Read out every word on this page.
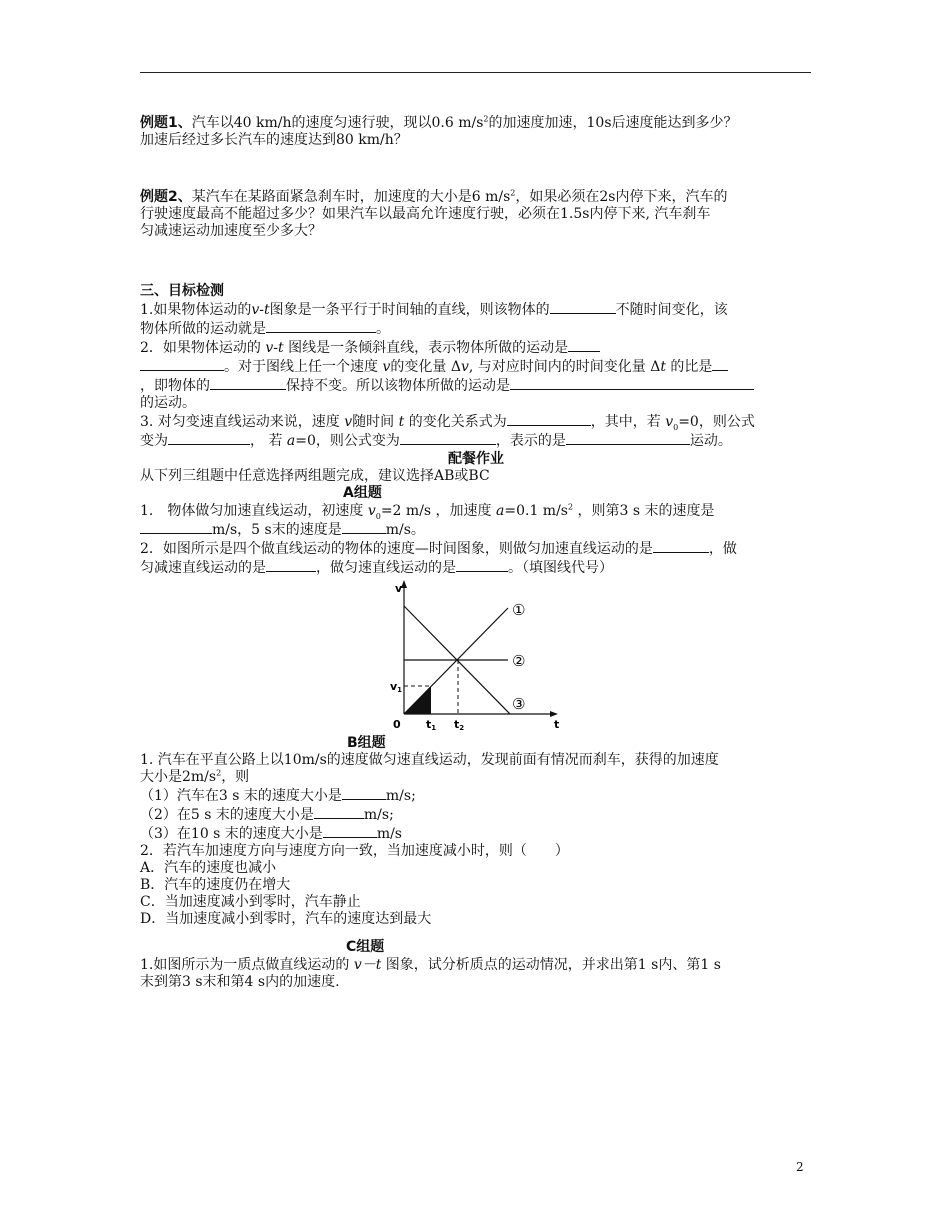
例题1、汽车以40 km/h的速度匀速行驶，现以0.6 $m/s^2$的加速度加速，10s后速度能达到多少？
加速后经过多长汽车的速度达到80 km/h？
例题2、某汽车在某路面紧急刹车时，加速度的大小是6 $m/s^2$，如果必须在2s内停下来，汽车的
行驶速度最高不能超过多少？如果汽车以最高允许速度行驶，必须在1.5s内停下来, 汽车刹车
匀减速运动加速度至少多大？
三、目标检测
1.如果物体运动的v-t图象是一条平行于时间轴的直线，则该物体的	不随时间变化，该
物体所做的运动就是	。
2．如果物体运动的 v-t 图线是一条倾斜直线，表示物体所做的运动是
。对于图线上任一个速度 v的变化量 Δv, 与对应时间内的时间变化量 Δt 的比是
，即物体的	保持不变。所以该物体所做的运动是
的运动。
3. 对匀变速直线运动来说，速度 v随时间 t 的变化关系式为	，其中，若 $v_0=0$，则公式
变为	， 若 a=0，则公式变为	，表示的是	运动。
配餐作业
从下列三组题中任意选择两组题完成，建议选择AB或BC
A组题
1． 物体做匀加速直线运动，初速度 $v_0=2$ m/s ，加速度 a=0.1 $m/s^2$ ，则第3 s 末的速度是
m/s，5 s末的速度是	m/s。
2．如图所示是四个做直线运动的物体的速度—时间图象，则做匀加速直线运动的是	，做
匀减速直线运动的是	，做匀速直线运动的是	。（填图线代号）
v
t
0
v1
t1 t2
①
②
③
B组题
1. 汽车在平直公路上以10m/s的速度做匀速直线运动，发现前面有情况而刹车，获得的加速度
大小是$2m/s^2$，则
（1）汽车在3 s 末的速度大小是	m/s;
（2）在5 s 末的速度大小是	m/s;
（3）在10 s 末的速度大小是	m/s
2．若汽车加速度方向与速度方向一致，当加速度减小时，则（　　）
A．汽车的速度也减小
B．汽车的速度仍在增大
C．当加速度减小到零时，汽车静止
D．当加速度减小到零时，汽车的速度达到最大
C组题
1.如图所示为一质点做直线运动的 v－t 图象，试分析质点的运动情况，并求出第1 s内、第1 s
末到第3 s末和第4 s内的加速度.
2
